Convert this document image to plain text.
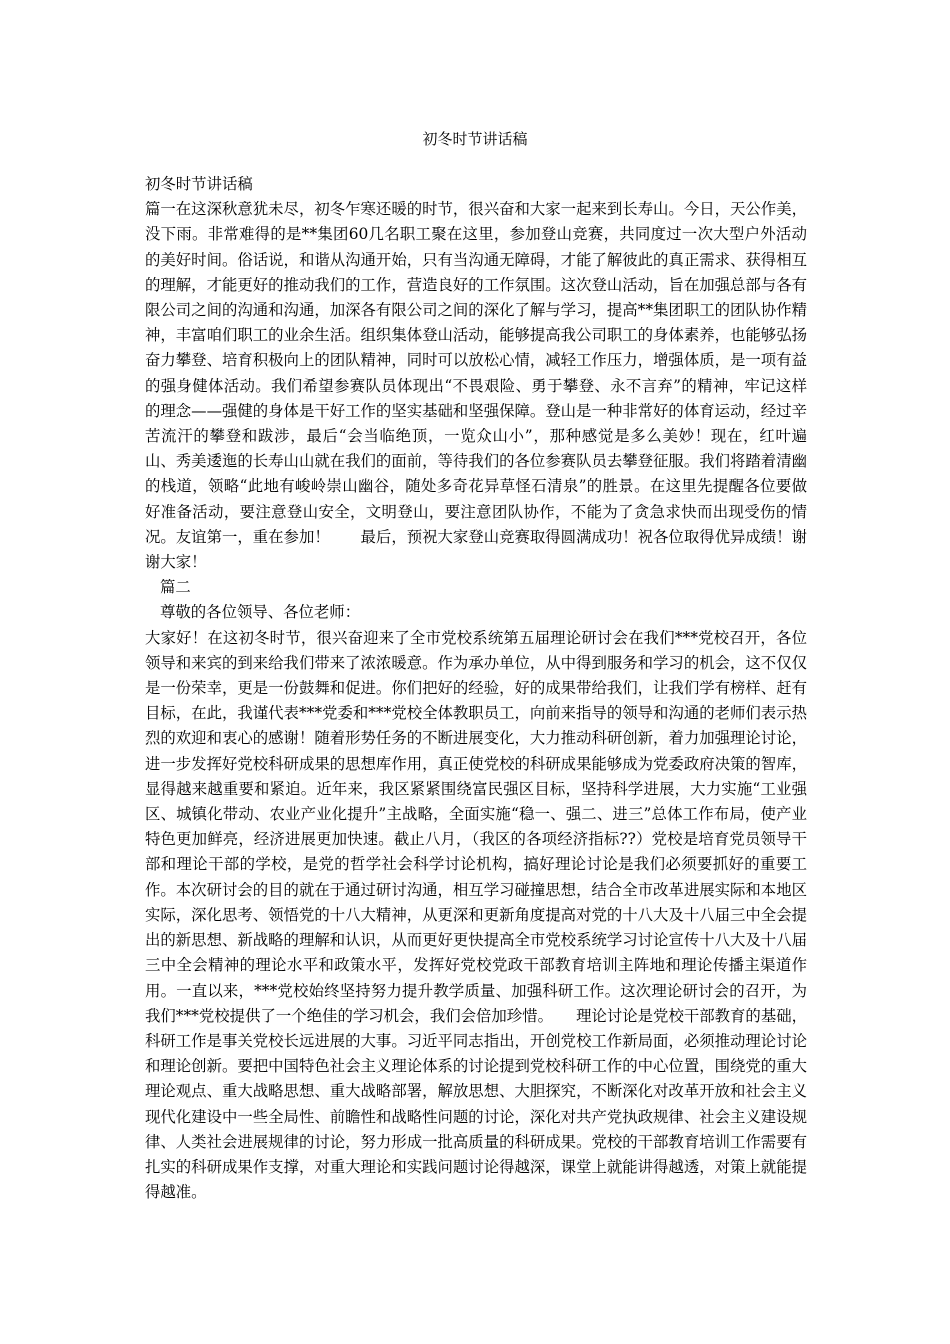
初冬时节讲话稿

初冬时节讲话稿

篇一在这深秋意犹未尽，初冬乍寒还暖的时节，很兴奋和大家一起来到长寿山。今日，天公作美，没下雨。非常难得的是**集团60几名职工聚在这里，参加登山竞赛，共同度过一次大型户外活动的美好时间。俗话说，和谐从沟通开始，只有当沟通无障碍，才能了解彼此的真正需求、获得相互的理解，才能更好的推动我们的工作，营造良好的工作氛围。这次登山活动，旨在加强总部与各有限公司之间的沟通和沟通，加深各有限公司之间的深化了解与学习，提高**集团职工的团队协作精神，丰富咱们职工的业余生活。组织集体登山活动，能够提高我公司职工的身体素养，也能够弘扬奋力攀登、培育积极向上的团队精神，同时可以放松心情，减轻工作压力，增强体质，是一项有益的强身健体活动。我们希望参赛队员体现出“不畏艰险、勇于攀登、永不言弃”的精神，牢记这样的理念——强健的身体是干好工作的坚实基础和坚强保障。登山是一种非常好的体育运动，经过辛苦流汗的攀登和跋涉，最后“会当临绝顶，一览众山小”，那种感觉是多么美妙！现在，红叶遍山、秀美逶迤的长寿山山就在我们的面前，等待我们的各位参赛队员去攀登征服。我们将踏着清幽的栈道，领略“此地有峻岭崇山幽谷，随处多奇花异草怪石清泉”的胜景。在这里先提醒各位要做好准备活动，要注意登山安全，文明登山，要注意团队协作，不能为了贪急求快而出现受伤的情况。友谊第一，重在参加！　　最后，预祝大家登山竞赛取得圆满成功！祝各位取得优异成绩！谢谢大家！

篇二

尊敬的各位领导、各位老师：

大家好！在这初冬时节，很兴奋迎来了全市党校系统第五届理论研讨会在我们***党校召开，各位领导和来宾的到来给我们带来了浓浓暖意。作为承办单位，从中得到服务和学习的机会，这不仅仅是一份荣幸，更是一份鼓舞和促进。你们把好的经验，好的成果带给我们，让我们学有榜样、赶有目标，在此，我谨代表***党委和***党校全体教职员工，向前来指导的领导和沟通的老师们表示热烈的欢迎和衷心的感谢！随着形势任务的不断进展变化，大力推动科研创新，着力加强理论讨论，进一步发挥好党校科研成果的思想库作用，真正使党校的科研成果能够成为党委政府决策的智库，显得越来越重要和紧迫。近年来，我区紧紧围绕富民强区目标，坚持科学进展，大力实施“工业强区、城镇化带动、农业产业化提升”主战略，全面实施“稳一、强二、进三”总体工作布局，使产业特色更加鲜亮，经济进展更加快速。截止八月，（我区的各项经济指标??）党校是培育党员领导干部和理论干部的学校，是党的哲学社会科学讨论机构，搞好理论讨论是我们必须要抓好的重要工作。本次研讨会的目的就在于通过研讨沟通，相互学习碰撞思想，结合全市改革进展实际和本地区实际，深化思考、领悟党的十八大精神，从更深和更新角度提高对党的十八大及十八届三中全会提出的新思想、新战略的理解和认识，从而更好更快提高全市党校系统学习讨论宣传十八大及十八届三中全会精神的理论水平和政策水平，发挥好党校党政干部教育培训主阵地和理论传播主渠道作用。一直以来，***党校始终坚持努力提升教学质量、加强科研工作。这次理论研讨会的召开，为我们***党校提供了一个绝佳的学习机会，我们会倍加珍惜。　　理论讨论是党校干部教育的基础，科研工作是事关党校长远进展的大事。习近平同志指出，开创党校工作新局面，必须推动理论讨论和理论创新。要把中国特色社会主义理论体系的讨论提到党校科研工作的中心位置，围绕党的重大理论观点、重大战略思想、重大战略部署，解放思想、大胆探究，不断深化对改革开放和社会主义现代化建设中一些全局性、前瞻性和战略性问题的讨论，深化对共产党执政规律、社会主义建设规律、人类社会进展规律的讨论，努力形成一批高质量的科研成果。党校的干部教育培训工作需要有扎实的科研成果作支撑，对重大理论和实践问题讨论得越深，课堂上就能讲得越透，对策上就能提得越准。
